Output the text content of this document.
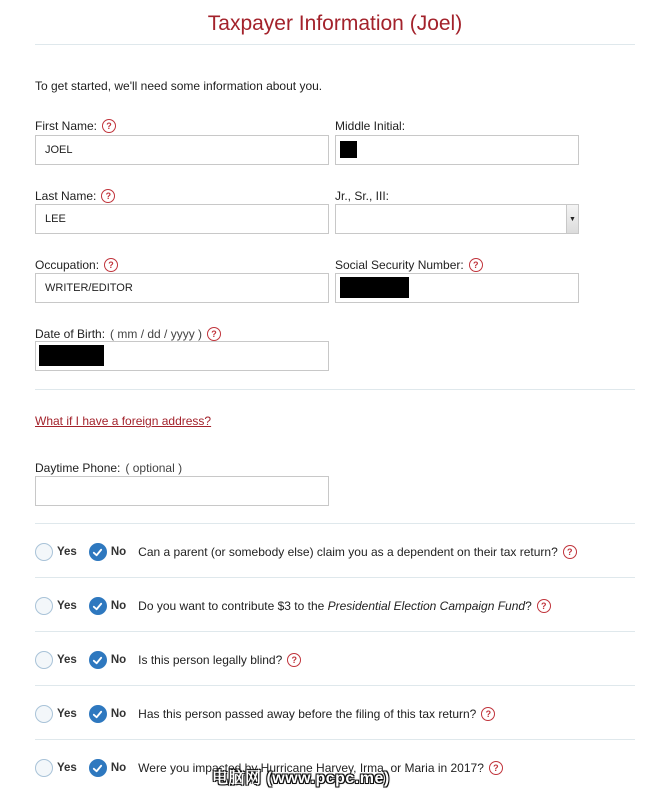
Taxpayer Information (Joel)
To get started, we'll need some information about you.
First Name:	?
JOEL
Middle Initial:
Last Name:	?
LEE
Jr., Sr., III:
▼
Occupation:	?
WRITER/EDITOR
Social Security Number:	?
Date of Birth: ( mm / dd / yyyy )	?
What if I have a foreign address?
Daytime Phone: ( optional )
Yes	No Can a parent (or somebody else) claim you as a dependent on their tax return?	?
Yes	No Do you want to contribute $3 to the Presidential Election Campaign Fund?	?
Yes	No Is this person legally blind?	?
Yes	No Has this person passed away before the filing of this tax return?	?
Yes	No Were you impacted by Hurricane Harvey, Irma, or Maria in 2017?	?
电脑网 (www.pcpc.me)
